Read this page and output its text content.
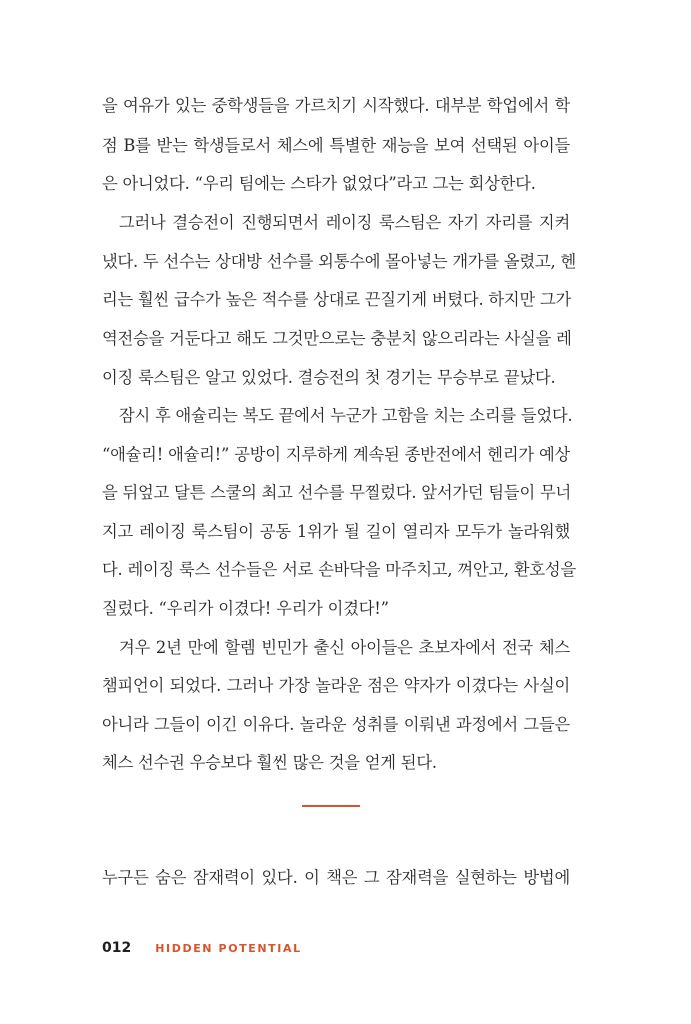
을 여유가 있는 중학생들을 가르치기 시작했다. 대부분 학업에서 학
점 B를 받는 학생들로서 체스에 특별한 재능을 보여 선택된 아이들
은 아니었다. “우리 팀에는 스타가 없었다”라고 그는 회상한다.
그러나 결승전이 진행되면서 레이징 룩스팀은 자기 자리를 지켜
냈다. 두 선수는 상대방 선수를 외통수에 몰아넣는 개가를 올렸고, 헨
리는 훨씬 급수가 높은 적수를 상대로 끈질기게 버텼다. 하지만 그가
역전승을 거둔다고 해도 그것만으로는 충분치 않으리라는 사실을 레
이징 룩스팀은 알고 있었다. 결승전의 첫 경기는 무승부로 끝났다.
잠시 후 애슐리는 복도 끝에서 누군가 고함을 치는 소리를 들었다.
“애슐리! 애슐리!” 공방이 지루하게 계속된 종반전에서 헨리가 예상
을 뒤엎고 달튼 스쿨의 최고 선수를 무찔렀다. 앞서가던 팀들이 무너
지고 레이징 룩스팀이 공동 1위가 될 길이 열리자 모두가 놀라워했
다. 레이징 룩스 선수들은 서로 손바닥을 마주치고, 껴안고, 환호성을
질렀다. “우리가 이겼다! 우리가 이겼다!”
겨우 2년 만에 할렘 빈민가 출신 아이들은 초보자에서 전국 체스
챔피언이 되었다. 그러나 가장 놀라운 점은 약자가 이겼다는 사실이
아니라 그들이 이긴 이유다. 놀라운 성취를 이뤄낸 과정에서 그들은
체스 선수권 우승보다 훨씬 많은 것을 얻게 된다.
누구든 숨은 잠재력이 있다. 이 책은 그 잠재력을 실현하는 방법에
012 HIDDEN POTENTIAL
